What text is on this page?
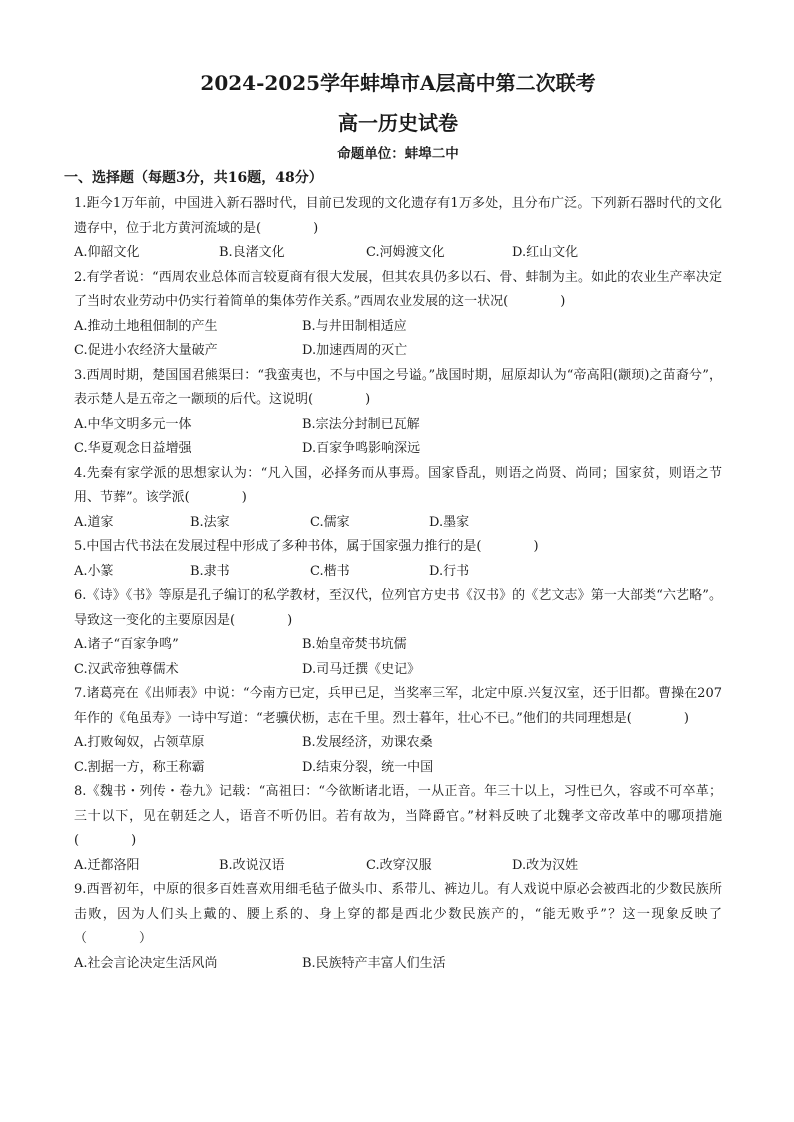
2024-2025学年蚌埠市A层高中第二次联考
高一历史试卷
命题单位：蚌埠二中
一、选择题（每题3分，共16题，48分）
1.距今1万年前，中国进入新石器时代，目前已发现的文化遗存有1万多处，且分布广泛。下列新石器时代的文化遗存中，位于北方黄河流域的是(　　　　)
A.仰韶文化	B.良渚文化	C.河姆渡文化	D.红山文化
2.有学者说：“西周农业总体而言较夏商有很大发展，但其农具仍多以石、骨、蚌制为主。如此的农业生产率决定了当时农业劳动中仍实行着简单的集体劳作关系。”西周农业发展的这一状况(　　　　)
A.推动土地租佃制的产生	B.与井田制相适应
C.促进小农经济大量破产	D.加速西周的灭亡
3.西周时期，楚国国君熊渠曰：“我蛮夷也，不与中国之号谥。”战国时期，屈原却认为“帝高阳(颛顼)之苗裔兮”，表示楚人是五帝之一颛顼的后代。这说明(　　　　)
A.中华文明多元一体	B.宗法分封制已瓦解
C.华夏观念日益增强	D.百家争鸣影响深远
4.先秦有家学派的思想家认为：“凡入国，必择务而从事焉。国家昏乱，则语之尚贤、尚同；国家贫，则语之节用、节葬”。该学派(　　　　)
A.道家	B.法家	C.儒家	D.墨家
5.中国古代书法在发展过程中形成了多种书体，属于国家强力推行的是(　　　　)
A.小篆	B.隶书	C.楷书	D.行书
6.《诗》《书》等原是孔子编订的私学教材，至汉代，位列官方史书《汉书》的《艺文志》第一大部类“六艺略”。导致这一变化的主要原因是(　　　　)
A.诸子“百家争鸣”	B.始皇帝焚书坑儒
C.汉武帝独尊儒术	D.司马迁撰《史记》
7.诸葛亮在《出师表》中说：“今南方已定，兵甲已足，当奖率三军，北定中原.兴复汉室，还于旧都。曹操在207年作的《龟虽寿》一诗中写道：“老骥伏枥，志在千里。烈士暮年，壮心不已。”他们的共同理想是(　　　　)
A.打败匈奴，占领草原	B.发展经济，劝课农桑
C.割据一方，称王称霸	D.结束分裂，统一中国
8.《魏书・列传・卷九》记载：“高祖曰：“今欲断诸北语，一从正音。年三十以上，习性已久，容或不可卒革；三十以下，见在朝廷之人，语音不听仍旧。若有故为，当降爵官。”材料反映了北魏孝文帝改革中的哪项措施(　　　　)
A.迁都洛阳	B.改说汉语	C.改穿汉服	D.改为汉姓
9.西晋初年，中原的很多百姓喜欢用细毛毡子做头巾、系带儿、裤边儿。有人戏说中原必会被西北的少数民族所击败，因为人们头上戴的、腰上系的、身上穿的都是西北少数民族产的，“能无败乎”？这一现象反映了（　　　　）
A.社会言论决定生活风尚	B.民族特产丰富人们生活
